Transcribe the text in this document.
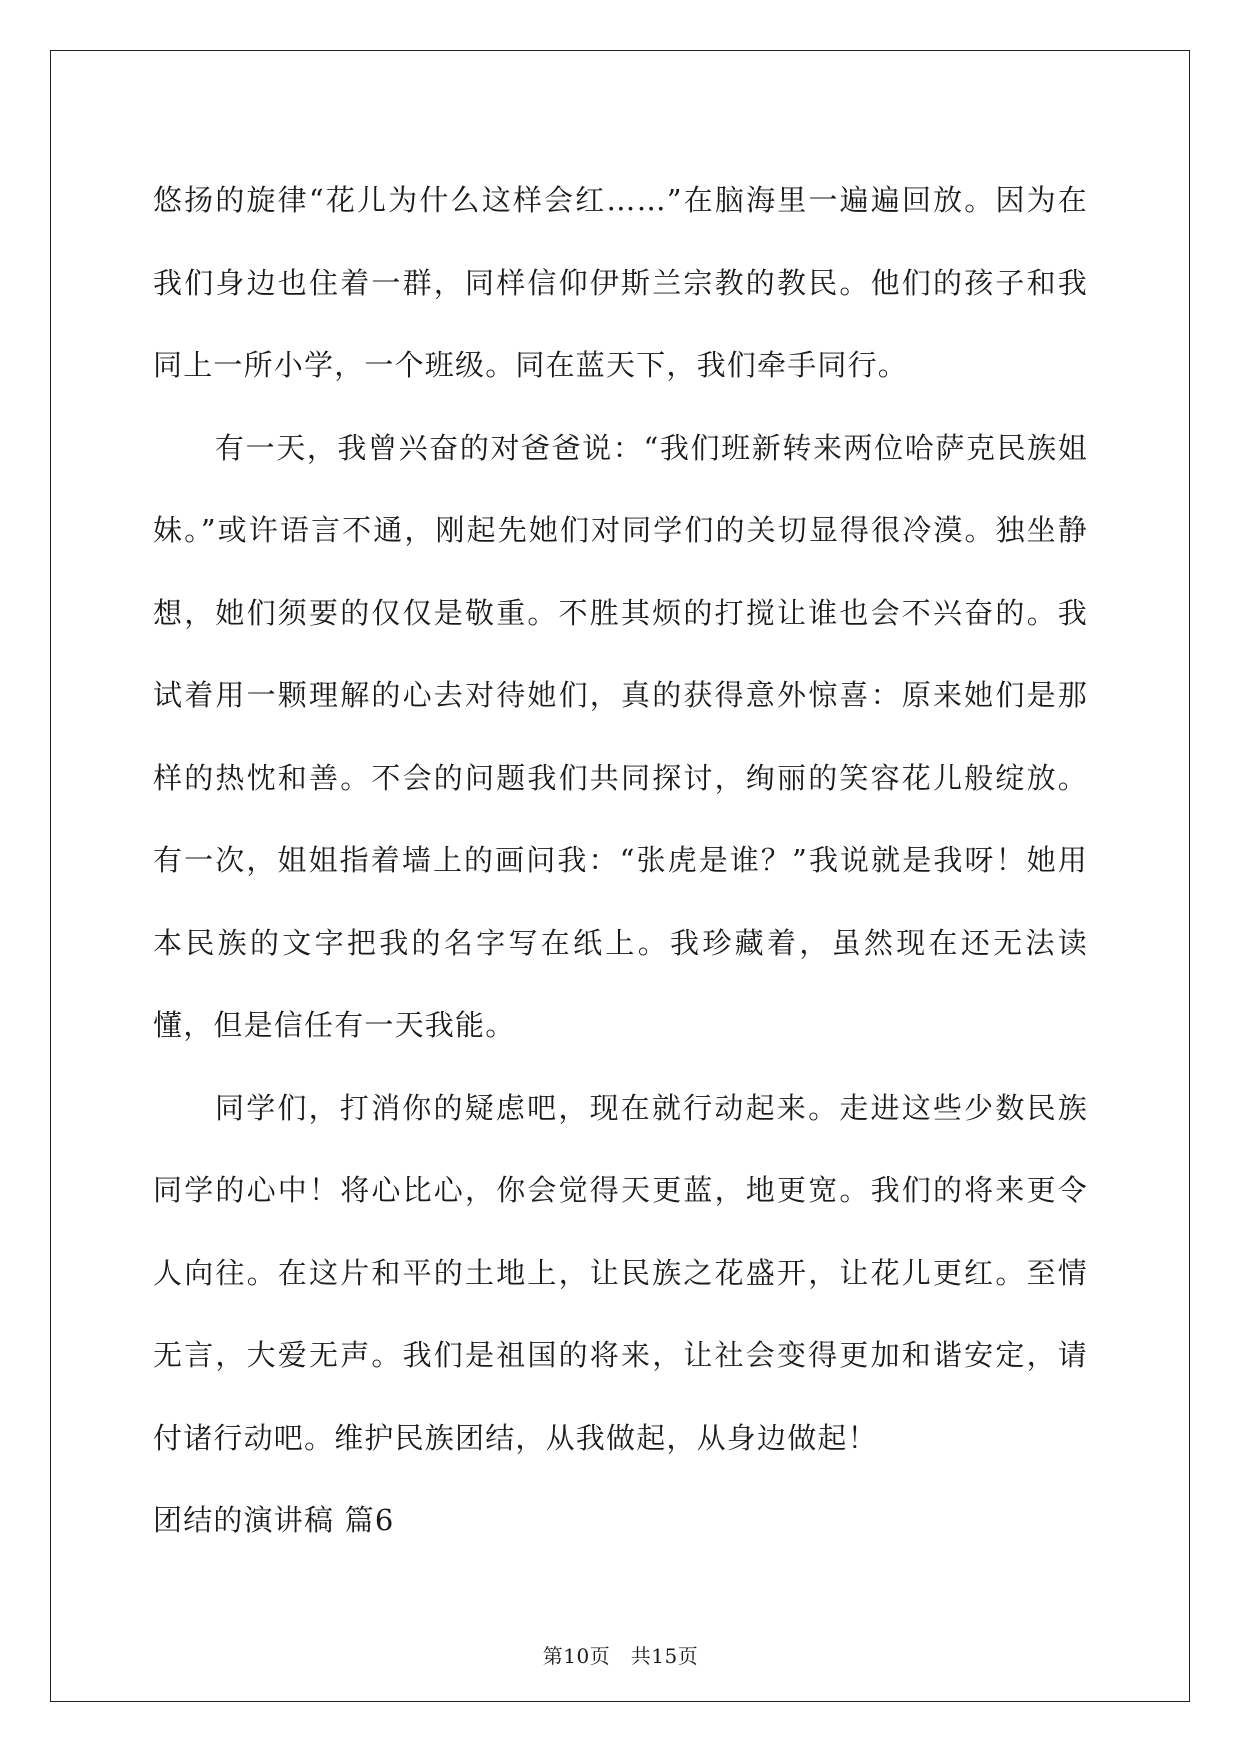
悠扬的旋律“花儿为什么这样会红……”在脑海里一遍遍回放。因为在我们身边也住着一群，同样信仰伊斯兰宗教的教民。他们的孩子和我同上一所小学，一个班级。同在蓝天下，我们牵手同行。

有一天，我曾兴奋的对爸爸说：“我们班新转来两位哈萨克民族姐妹。”或许语言不通，刚起先她们对同学们的关切显得很冷漠。独坐静想，她们须要的仅仅是敬重。不胜其烦的打搅让谁也会不兴奋的。我试着用一颗理解的心去对待她们，真的获得意外惊喜：原来她们是那样的热忱和善。不会的问题我们共同探讨，绚丽的笑容花儿般绽放。有一次，姐姐指着墙上的画问我：“张虎是谁？”我说就是我呀！她用本民族的文字把我的名字写在纸上。我珍藏着，虽然现在还无法读懂，但是信任有一天我能。

同学们，打消你的疑虑吧，现在就行动起来。走进这些少数民族同学的心中！将心比心，你会觉得天更蓝，地更宽。我们的将来更令人向往。在这片和平的土地上，让民族之花盛开，让花儿更红。至情无言，大爱无声。我们是祖国的将来，让社会变得更加和谐安定，请付诸行动吧。维护民族团结，从我做起，从身边做起！

团结的演讲稿 篇6

第10页　共15页
